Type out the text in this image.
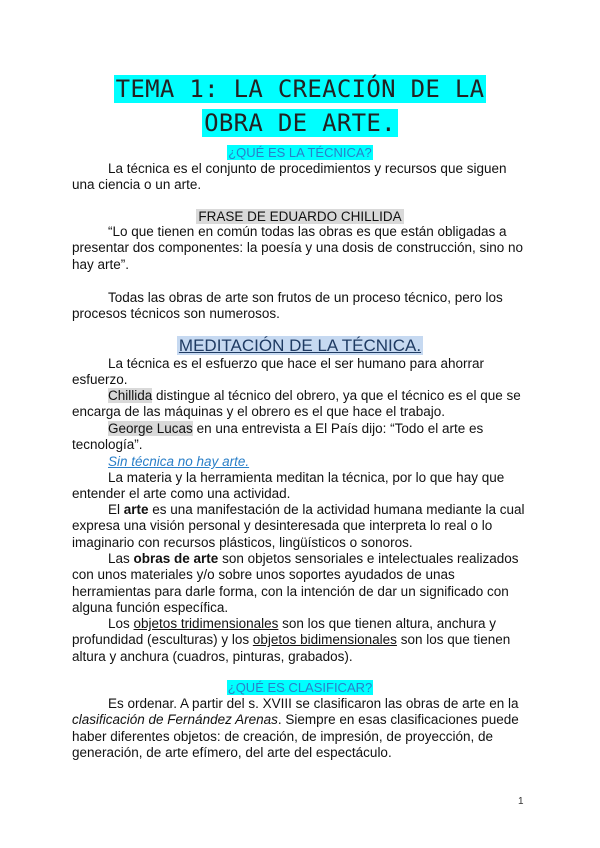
TEMA 1: LA CREACIÓN DE LA
OBRA DE ARTE.
¿QUÉ ES LA TÉCNICA?
La técnica es el conjunto de procedimientos y recursos que siguen una ciencia o un arte.
FRASE DE EDUARDO CHILLIDA
“Lo que tienen en común todas las obras es que están obligadas a presentar dos componentes: la poesía y una dosis de construcción, sino no hay arte”.
Todas las obras de arte son frutos de un proceso técnico, pero los procesos técnicos son numerosos.
MEDITACIÓN DE LA TÉCNICA.
La técnica es el esfuerzo que hace el ser humano para ahorrar esfuerzo.
Chillida distingue al técnico del obrero, ya que el técnico es el que se encarga de las máquinas y el obrero es el que hace el trabajo.
George Lucas en una entrevista a El País dijo: “Todo el arte es tecnología”.
Sin técnica no hay arte.
La materia y la herramienta meditan la técnica, por lo que hay que entender el arte como una actividad.
El arte es una manifestación de la actividad humana mediante la cual expresa una visión personal y desinteresada que interpreta lo real o lo imaginario con recursos plásticos, lingüísticos o sonoros.
Las obras de arte son objetos sensoriales e intelectuales realizados con unos materiales y/o sobre unos soportes ayudados de unas herramientas para darle forma, con la intención de dar un significado con alguna función específica.
Los objetos tridimensionales son los que tienen altura, anchura y profundidad (esculturas) y los objetos bidimensionales son los que tienen altura y anchura (cuadros, pinturas, grabados).
¿QUÉ ES CLASIFICAR?
Es ordenar. A partir del s. XVIII se clasificaron las obras de arte en la clasificación de Fernández Arenas. Siempre en esas clasificaciones puede haber diferentes objetos: de creación, de impresión, de proyección, de generación, de arte efímero, del arte del espectáculo.
1
